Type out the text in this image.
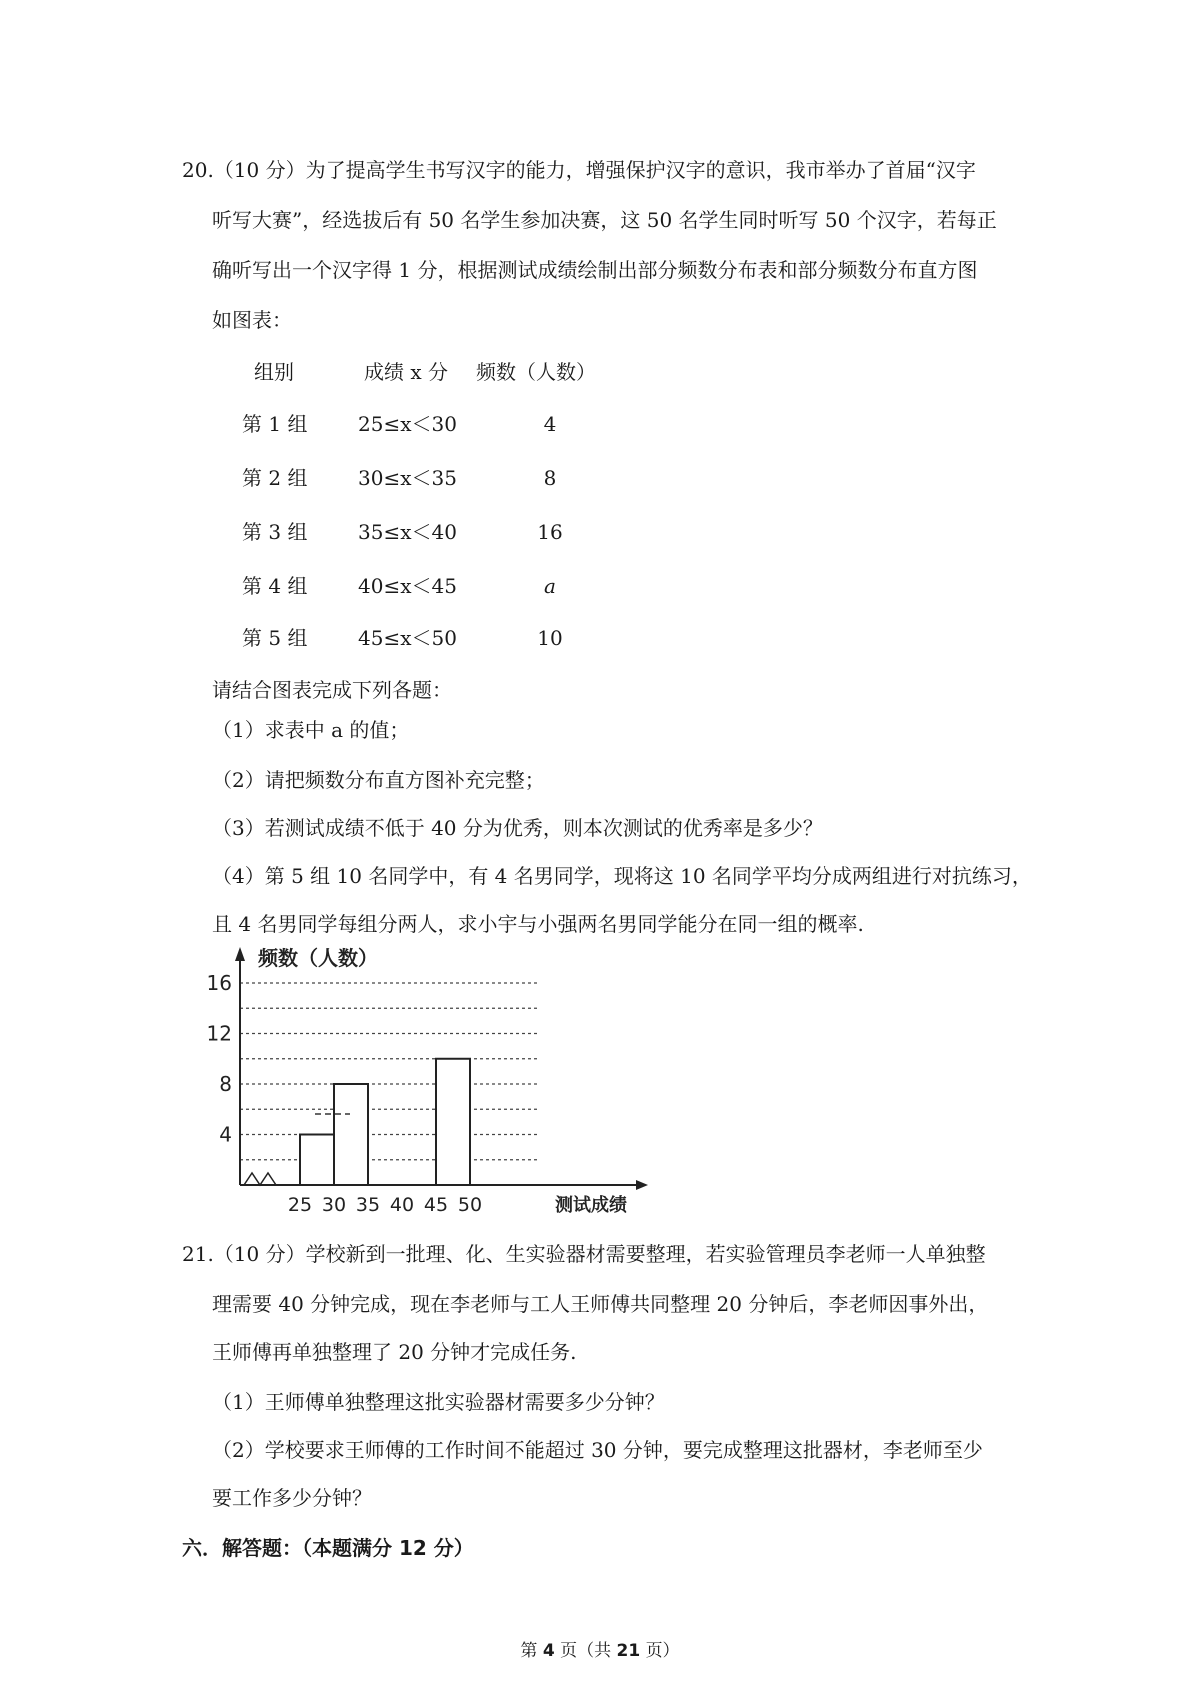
20.（10 分）为了提高学生书写汉字的能力，增强保护汉字的意识，我市举办了首届“汉字
听写大赛”，经选拔后有 50 名学生参加决赛，这 50 名学生同时听写 50 个汉字，若每正
确听写出一个汉字得 1 分，根据测试成绩绘制出部分频数分布表和部分频数分布直方图
如图表：
组别	成绩 x 分 频数（人数）
第 1 组	25≤x＜30	4
第 2 组	30≤x＜35	8
第 3 组	35≤x＜40	16
第 4 组	40≤x＜45	a
第 5 组	45≤x＜50	10
请结合图表完成下列各题：
（1）求表中 a 的值；
（2）请把频数分布直方图补充完整；
（3）若测试成绩不低于 40 分为优秀，则本次测试的优秀率是多少？
（4）第 5 组 10 名同学中，有 4 名男同学，现将这 10 名同学平均分成两组进行对抗练习，
且 4 名男同学每组分两人，求小宇与小强两名男同学能分在同一组的概率.
4
8
12
16
25 30 35 40 45 50
频数（人数）
测试成绩
21.（10 分）学校新到一批理、化、生实验器材需要整理，若实验管理员李老师一人单独整
理需要 40 分钟完成，现在李老师与工人王师傅共同整理 20 分钟后，李老师因事外出，
王师傅再单独整理了 20 分钟才完成任务.
（1）王师傅单独整理这批实验器材需要多少分钟？
（2）学校要求王师傅的工作时间不能超过 30 分钟，要完成整理这批器材，李老师至少
要工作多少分钟？
六．解答题：（本题满分 12 分）
第 4 页（共 21 页）
